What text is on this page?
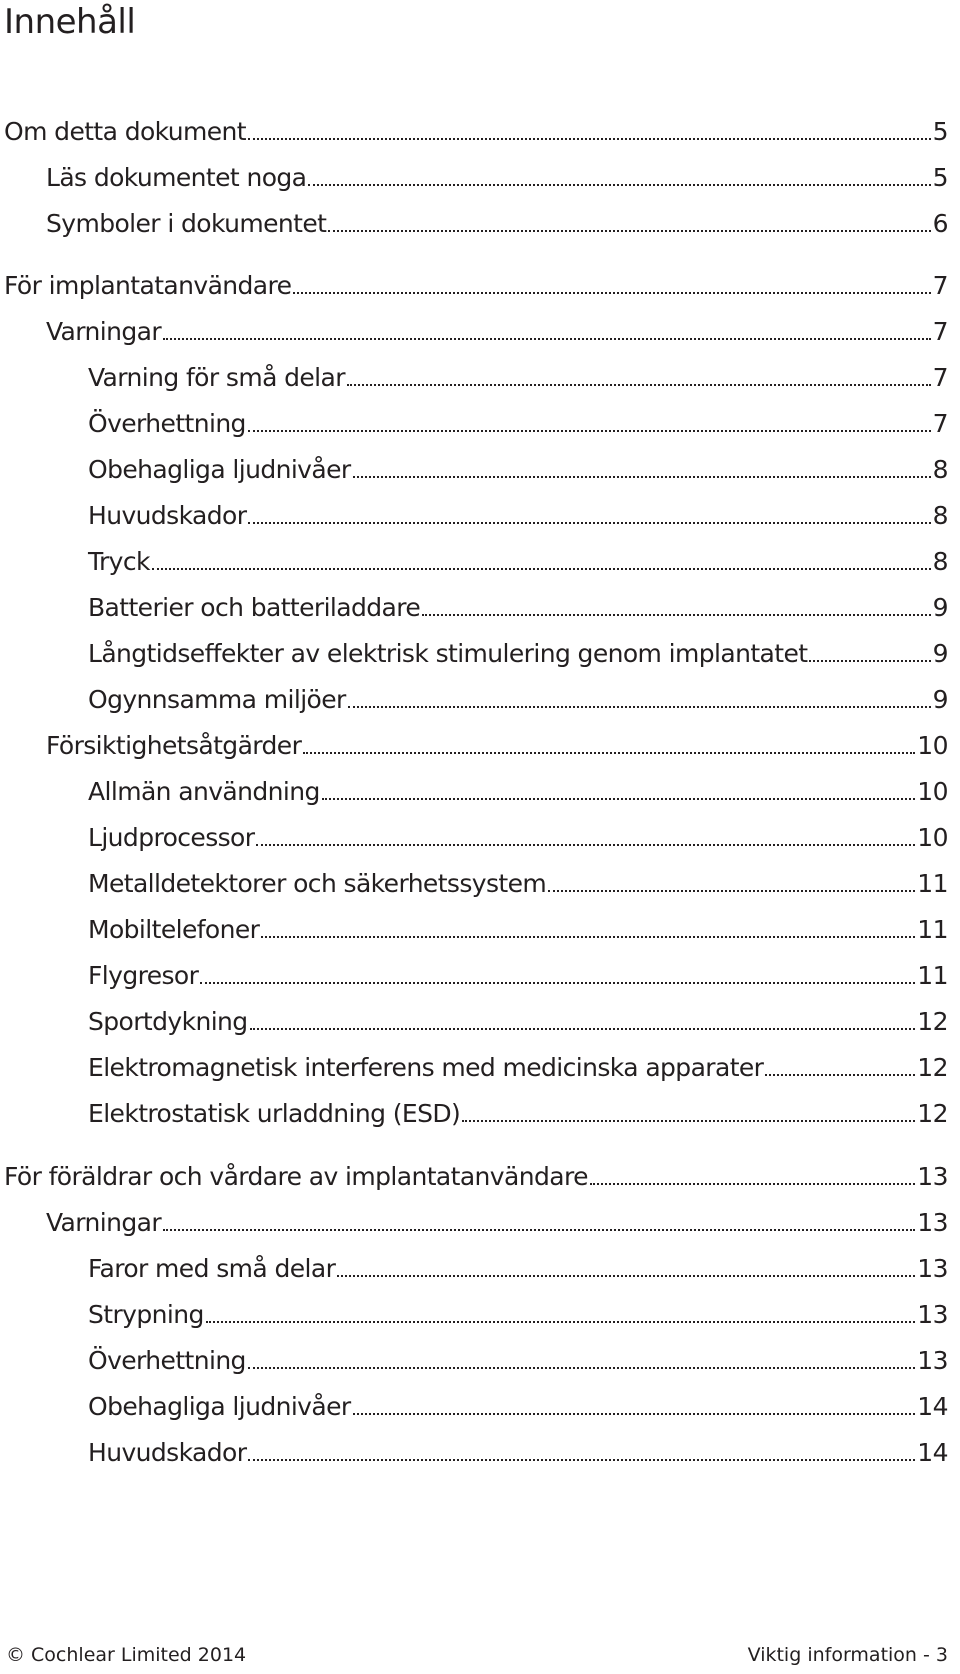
Innehåll
Om detta dokument	5
Läs dokumentet noga	5
Symboler i dokumentet	6
För implantatanvändare	7
Varningar	7
Varning för små delar	7
Överhettning	7
Obehagliga ljudnivåer	8
Huvudskador	8
Tryck	8
Batterier och batteriladdare	9
Långtidseffekter av elektrisk stimulering genom implantatet	9
Ogynnsamma miljöer	9
Försiktighetsåtgärder	10
Allmän användning	10
Ljudprocessor	10
Metalldetektorer och säkerhetssystem	11
Mobiltelefoner	11
Flygresor	11
Sportdykning	12
Elektromagnetisk interferens med medicinska apparater	12
Elektrostatisk urladdning (ESD)	12
För föräldrar och vårdare av implantatanvändare	13
Varningar	13
Faror med små delar	13
Strypning	13
Överhettning	13
Obehagliga ljudnivåer	14
Huvudskador	14
© Cochlear Limited 2014	Viktig information - 3
